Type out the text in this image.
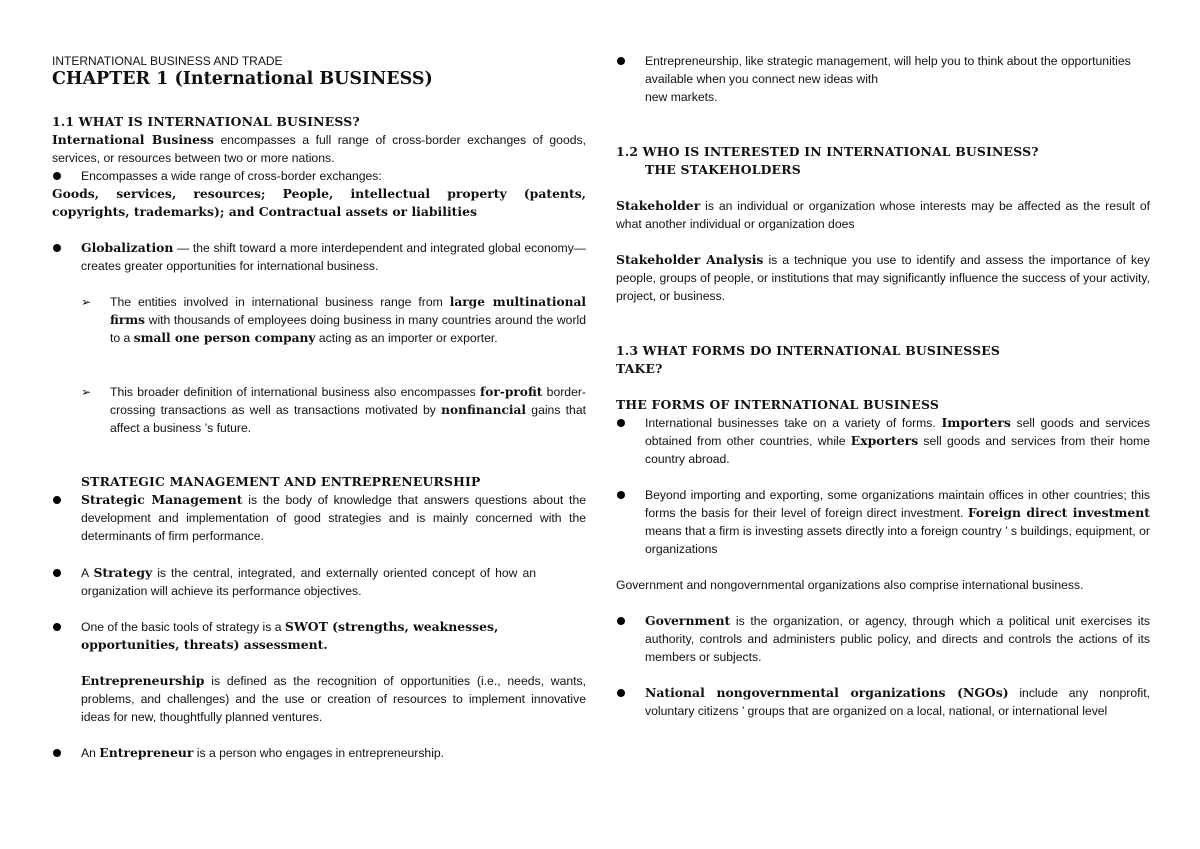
INTERNATIONAL BUSINESS AND TRADE
CHAPTER 1 (International BUSINESS)
1.1 WHAT IS INTERNATIONAL BUSINESS?

International Business encompasses a full range of cross-border exchanges of goods, services, or resources between two or more nations.

Encompasses a wide range of cross-border exchanges:

Goods, services, resources; People, intellectual property (patents, copyrights, trademarks); and Contractual assets or liabilities

Globalization — the shift toward a more interdependent and integrated global economy— creates greater opportunities for international business.
➢ The entities involved in international business range from large multinational firms with thousands of employees doing business in many countries around the world to a small one person company acting as an importer or exporter.
➢ This broader definition of international business also encompasses for-profit border-crossing transactions as well as transactions motivated by nonfinancial gains that affect a business ’s future.
STRATEGIC MANAGEMENT AND ENTREPRENEURSHIP
Strategic Management is the body of knowledge that answers questions about the development and implementation of good strategies and is mainly concerned with the determinants of firm performance.
A Strategy is the central, integrated, and externally oriented concept of how an organization will achieve its performance objectives.
One of the basic tools of strategy is a SWOT (strengths, weaknesses, opportunities, threats) assessment.

Entrepreneurship is defined as the recognition of opportunities (i.e., needs, wants, problems, and challenges) and the use or creation of resources to implement innovative ideas for new, thoughtfully planned ventures.

An Entrepreneur is a person who engages in entrepreneurship.
Entrepreneurship, like strategic management, will help you to think about the opportunities available when you connect new ideas with
new markets.
1.2 WHO IS INTERESTED IN INTERNATIONAL BUSINESS?
THE STAKEHOLDERS

Stakeholder is an individual or organization whose interests may be affected as the result of what another individual or organization does

Stakeholder Analysis is a technique you use to identify and assess the importance of key people, groups of people, or institutions that may significantly influence the success of your activity, project, or business.

1.3 WHAT FORMS DO INTERNATIONAL BUSINESSES
TAKE?
THE FORMS OF INTERNATIONAL BUSINESS
International businesses take on a variety of forms. Importers sell goods and services obtained from other countries, while Exporters sell goods and services from their home country abroad.
Beyond importing and exporting, some organizations maintain offices in other countries; this forms the basis for their level of foreign direct investment. Foreign direct investment means that a firm is investing assets directly into a foreign country ’ s buildings, equipment, or organizations

Government and nongovernmental organizations also comprise international business.

Government is the organization, or agency, through which a political unit exercises its authority, controls and administers public policy, and directs and controls the actions of its members or subjects.
National nongovernmental organizations (NGOs) include any nonprofit, voluntary citizens ’ groups that are organized on a local, national, or international level
